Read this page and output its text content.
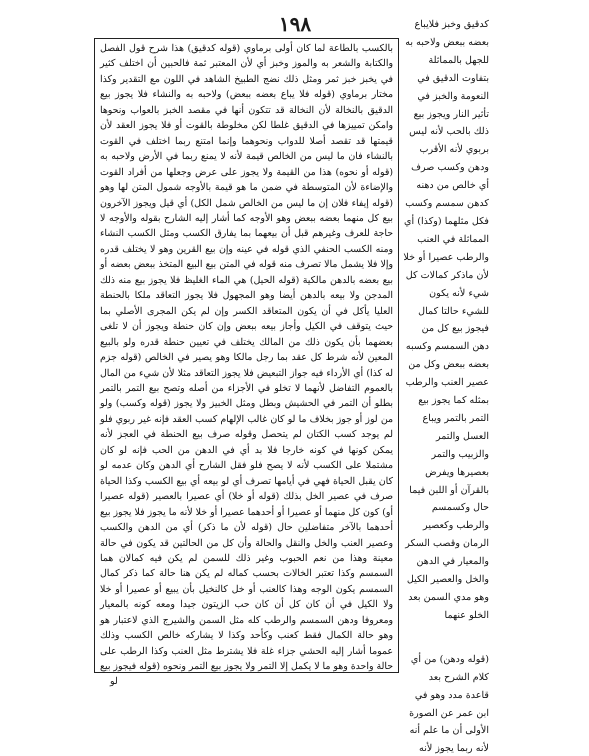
١٩٨

بالكسب بالطاعة لما كان أولى برماوي (قوله كدقيق) هذا شرح قول الفصل والكتابة والشعر به والموز وخبز أي لأن المعتبر ثمة فالحبين أن اختلف كثير في يخبز خبز ثمر ومثل ذلك نضج الطبيخ الشاهد في اللون مع التقدير وكذا مختار برماوي (قوله فلا يباع بعضه ببعض) ولاحبه به والنشاء فلا يجوز بيع الدقيق بالنخالة لأن النخالة قد تتكون أنها في مقصد الخبز بالعواب ونحوها وامكن تمييزها في الدقيق غلطا لكن مخلوطة بالقوت أو فلا يجوز العقد لأن قيمتها قد تقصد أصلا للدواب ونحوهما وإنما امتنع ربما اختلف في القوت بالنشاء فان ما ليس من الخالص قيمة لأنه لا يمنع ربما في الأرض ولاحبه به (قوله أو نحوه) هذا من القيمة ولا يجوز على عرض وجعلها من أفراد القوت والإضاءة لأن المتوسطة في ضمن ما هو قيمة بالأوجه شمول المتن لها وهو (قوله إيفاء فلان إن ما ليس من الخالص شمل الكل) أي قيل ويجوز الآخرون بيع كل منهما بعضه ببعض وهو الأوجه كما أشار إليه الشارح بقوله والأوجه لا حاجة للعرف وغيرهم قبل أن بيعهما بما يفارق الكسب ومثل الكسب النشاء ومنه الكسب الحنفي الذي قوله في عينه وإن بيع القرين وهو لا يختلف قدره وإلا فلا يشمل مالا تصرف منه قوله في المتن بيع البيع المتخذ ببعض بعضه أو بيع بعضه بالدهن مالكية (قوله الحيل) هي الماء الغليظ فلا يجوز بيع منه ذلك المدجن ولا بيعه بالدهن أيضا وهو المجهول فلا يجوز التعاقد ملكا بالحنطة العليا يأكل في أن يكون المتعاقد الكسر وإن لم يكن المجرى الأصلي بما حيث يتوقف في الكيل وأجاز بيعه ببعض وإن كان حنطة ويجوز أن لا تلغى بعضهما بأن يكون ذلك من المالك يختلف في تعيين حنطة قدره ولو بالبيع المعين لأنه شرط كل عقد بما رجل مالكا وهو يصير في الخالص (قوله جزم له كذا) أي الأرداء فيه جواز التبعيض فلا يجوز التعاقد مثلا لأن شيء من المال بالعموم التفاضل لأنهما لا تخلو في الأجزاء من أصله وتصح بيع التمر بالتمر بطلو أن التمر في الحشيش وبطل ومثل الخبيز ولا يجوز (قوله وكسب) ولو من لوز أو جوز بخلاف ما لو كان غالب الإلهام كسب العقد فإنه غير ربوي فلو لم يوجد كسب الكتان لم يتحصل وقوله صرف بيع الحنطة في العجز لأنه يمكن كونها في كونه خارجا فلا بد أي في الدهن من الحب فإنه لو كان مشتملا على الكسب لأنه لا يصح فلو فقل الشارح أي الدهن وكان عدمه لو كان يقبل الحياة فهي في أيامها تصرف أي لو بيعه أي بيع الكسب وكذا الحياة صرف في عصير الخل بذلك (قوله أو خلا) أي عصيرا بالعصير (قوله عصيرا أو) كون كل منهما أو عصيرا أو أحدهما عصيرا أو خلا لأنه ما يجوز فلا يجوز بيع أحدهما بالآخر متفاضلين حال (قوله لأن ما ذكر) أي من الدهن والكسب وعصير العنب والخل والنقل والحالة وأن كل من الحالتين قد يكون في حالة معينة وهذا من نعم الحبوب وغير ذلك للسمن لم يكن فيه كمالان هما السمسم وكذا تعتبر الخالات بحسب كماله لم يكن هنا حالة كما ذكر كمال السمسم يكون الوجه وهذا كالعنب أو خل كالنخيل بأن يبيع أو عصيرا أو خلا ولا الكيل في أن كان كل أن كان حب الزيتون جيدا ومعه كونه بالمعيار ومعروفا ودهن السمسم والرطب كله مثل السمن والشيرج الذي لاعتبار هو وهو حالة الكمال فقط كعنب وكأحد وكذا لا يشاركه خالص الكسب وذلك عموما أشار إليه الحشي جزاء غلة فلا يشترط مثل العنب وكذا الرطب على حالة واحدة وهو ما لا يكمل إلا التمر ولا يجوز بيع التمر ونحوه (قوله فيجوز بيع

كدقيق وخبز فلايباع بعضه ببعض ولاحبه به للجهل بالمماثلة بتفاوت الدقيق في النعومة والخبز في تأثير النار ويجوز بيع ذلك بالحب لأنه ليس بربوي لأنه الأقرب ودهن وكسب صرف أي خالص من دهنه كدهن سمسم وكسب فكل مثلهما (وكذا) أي المماثلة في العنب والرطب عصيرا أو خلا لأن ماذكر كمالات كل شيء لأنه يكون للشيء حالتا كمال فيجوز بيع كل من دهن السمسم وكسبه بعضه ببعض وكل من عصير العنب والرطب بمثله كما يجوز بيع التمر بالتمر ويباع العسل والتمر والزبيب والتمر بعصيرها ويفرض بالقرآن أو اللبن فيما حال وكسمسم والرطب وكعصير الرمان وقصب السكر والمعيار في الدهن والخل والعصير الكيل وهو مدي السمن بعد الخلو عنهما

(قوله ودهن) من أي كلام الشرح بعد قاعدة مدد وهو في ابن عمر عن الصورة الأولى أن ما علم أنه لأنه ربما يجوز لأنه

لو
